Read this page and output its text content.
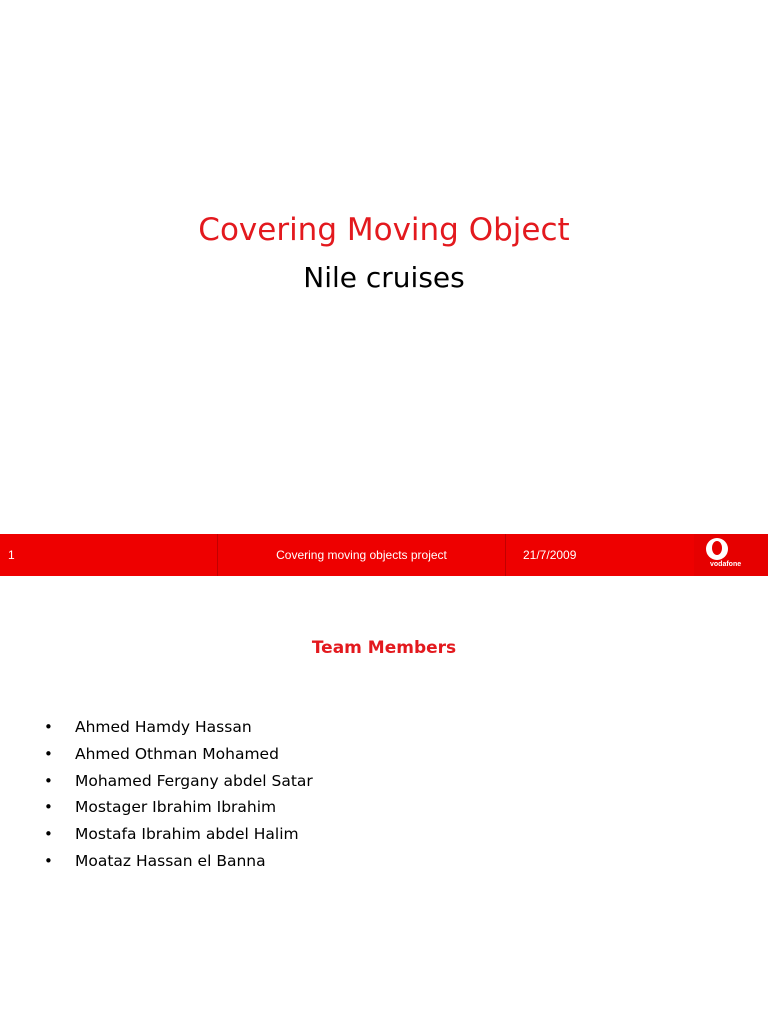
Covering Moving Object
Nile cruises
1	Covering moving objects project	21/7/2009
vodafone
Team Members
• Ahmed Hamdy Hassan
• Ahmed Othman Mohamed
• Mohamed Fergany abdel Satar
• Mostager Ibrahim Ibrahim
• Mostafa Ibrahim abdel Halim
• Moataz Hassan el Banna
